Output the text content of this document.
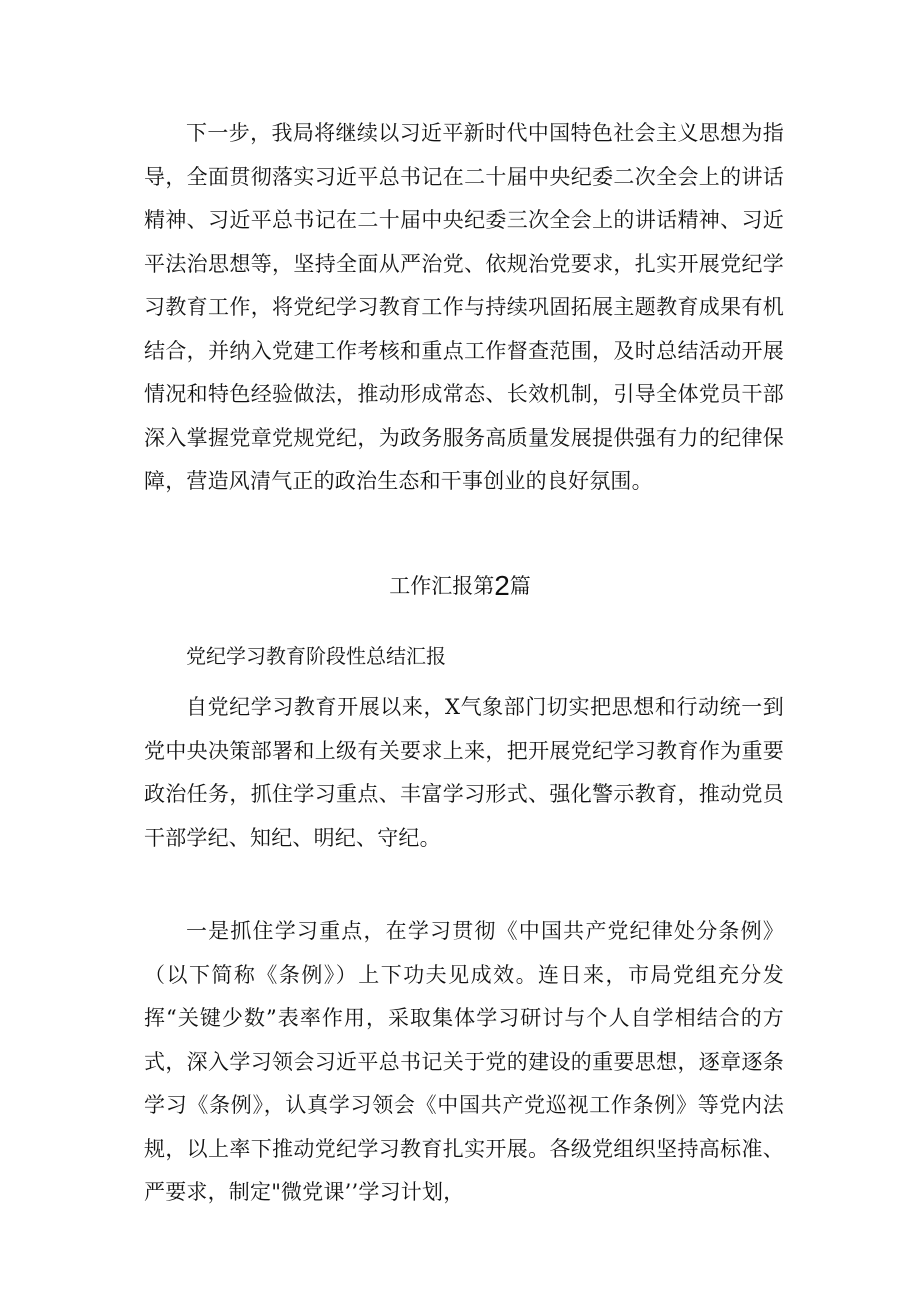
下一步，我局将继续以习近平新时代中国特色社会主义思想为指导，全面贯彻落实习近平总书记在二十届中央纪委二次全会上的讲话精神、习近平总书记在二十届中央纪委三次全会上的讲话精神、习近平法治思想等，坚持全面从严治党、依规治党要求，扎实开展党纪学习教育工作，将党纪学习教育工作与持续巩固拓展主题教育成果有机结合，并纳入党建工作考核和重点工作督查范围，及时总结活动开展情况和特色经验做法，推动形成常态、长效机制，引导全体党员干部深入掌握党章党规党纪，为政务服务高质量发展提供强有力的纪律保障，营造风清气正的政治生态和干事创业的良好氛围。

工作汇报第2篇

党纪学习教育阶段性总结汇报

自党纪学习教育开展以来，X气象部门切实把思想和行动统一到党中央决策部署和上级有关要求上来，把开展党纪学习教育作为重要政治任务，抓住学习重点、丰富学习形式、强化警示教育，推动党员干部学纪、知纪、明纪、守纪。

一是抓住学习重点，在学习贯彻《中国共产党纪律处分条例》（以下简称《条例》）上下功夫见成效。连日来，市局党组充分发挥“关键少数”表率作用，采取集体学习研讨与个人自学相结合的方式，深入学习领会习近平总书记关于党的建设的重要思想，逐章逐条学习《条例》，认真学习领会《中国共产党巡视工作条例》等党内法规，以上率下推动党纪学习教育扎实开展。各级党组织坚持高标准、严要求，制定"微党课’’学习计划，
